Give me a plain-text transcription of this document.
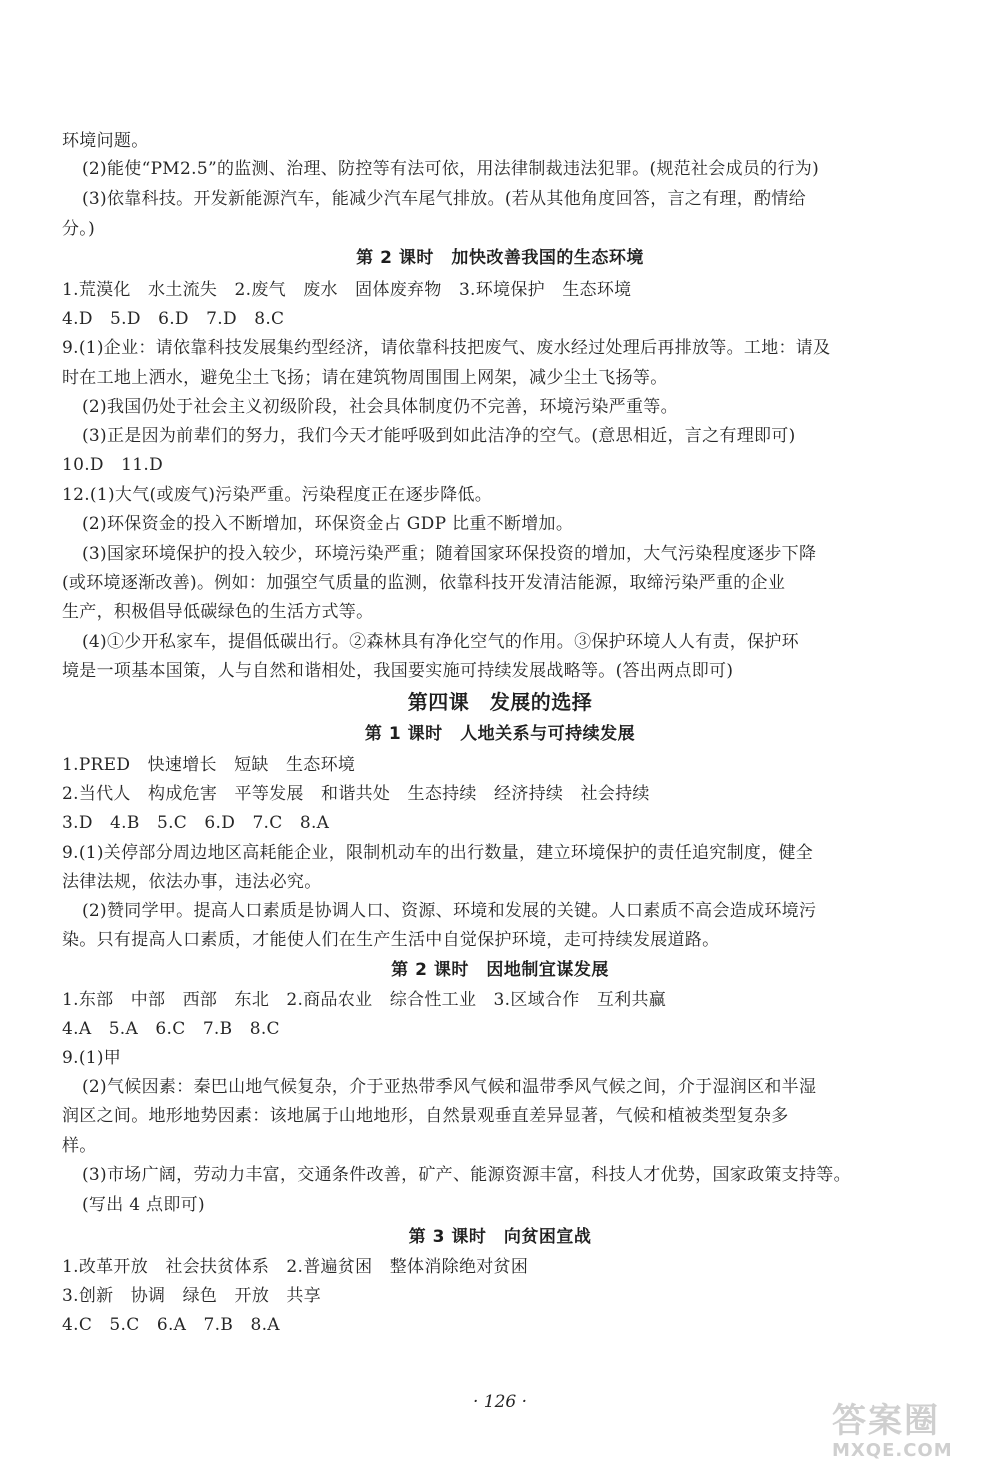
环境问题。
(2)能使“PM2.5”的监测、治理、防控等有法可依，用法律制裁违法犯罪。(规范社会成员的行为)
(3)依靠科技。开发新能源汽车，能减少汽车尾气排放。(若从其他角度回答，言之有理，酌情给
分。)
第 2 课时　加快改善我国的生态环境
1.荒漠化　水土流失　2.废气　废水　固体废弃物　3.环境保护　生态环境
4.D　5.D　6.D　7.D　8.C
9.(1)企业：请依靠科技发展集约型经济，请依靠科技把废气、废水经过处理后再排放等。工地：请及
时在工地上洒水，避免尘土飞扬；请在建筑物周围围上网架，减少尘土飞扬等。
(2)我国仍处于社会主义初级阶段，社会具体制度仍不完善，环境污染严重等。
(3)正是因为前辈们的努力，我们今天才能呼吸到如此洁净的空气。(意思相近，言之有理即可)
10.D　11.D
12.(1)大气(或废气)污染严重。污染程度正在逐步降低。
(2)环保资金的投入不断增加，环保资金占 GDP 比重不断增加。
(3)国家环境保护的投入较少，环境污染严重；随着国家环保投资的增加，大气污染程度逐步下降
(或环境逐渐改善)。例如：加强空气质量的监测，依靠科技开发清洁能源，取缔污染严重的企业
生产，积极倡导低碳绿色的生活方式等。
(4)①少开私家车，提倡低碳出行。②森林具有净化空气的作用。③保护环境人人有责，保护环
境是一项基本国策，人与自然和谐相处，我国要实施可持续发展战略等。(答出两点即可)
第四课　发展的选择
第 1 课时　人地关系与可持续发展
1.PRED　快速增长　短缺　生态环境
2.当代人　构成危害　平等发展　和谐共处　生态持续　经济持续　社会持续
3.D　4.B　5.C　6.D　7.C　8.A
9.(1)关停部分周边地区高耗能企业，限制机动车的出行数量，建立环境保护的责任追究制度，健全
法律法规，依法办事，违法必究。
(2)赞同学甲。提高人口素质是协调人口、资源、环境和发展的关键。人口素质不高会造成环境污
染。只有提高人口素质，才能使人们在生产生活中自觉保护环境，走可持续发展道路。
第 2 课时　因地制宜谋发展
1.东部　中部　西部　东北　2.商品农业　综合性工业　3.区域合作　互利共赢
4.A　5.A　6.C　7.B　8.C
9.(1)甲
(2)气候因素：秦巴山地气候复杂，介于亚热带季风气候和温带季风气候之间，介于湿润区和半湿
润区之间。地形地势因素：该地属于山地地形，自然景观垂直差异显著，气候和植被类型复杂多
样。
(3)市场广阔，劳动力丰富，交通条件改善，矿产、能源资源丰富，科技人才优势，国家政策支持等。
(写出 4 点即可)
第 3 课时　向贫困宣战
1.改革开放　社会扶贫体系　2.普遍贫困　整体消除绝对贫困
3.创新　协调　绿色　开放　共享
4.C　5.C　6.A　7.B　8.A
· 126 ·	答案圈
MXQE.COM
